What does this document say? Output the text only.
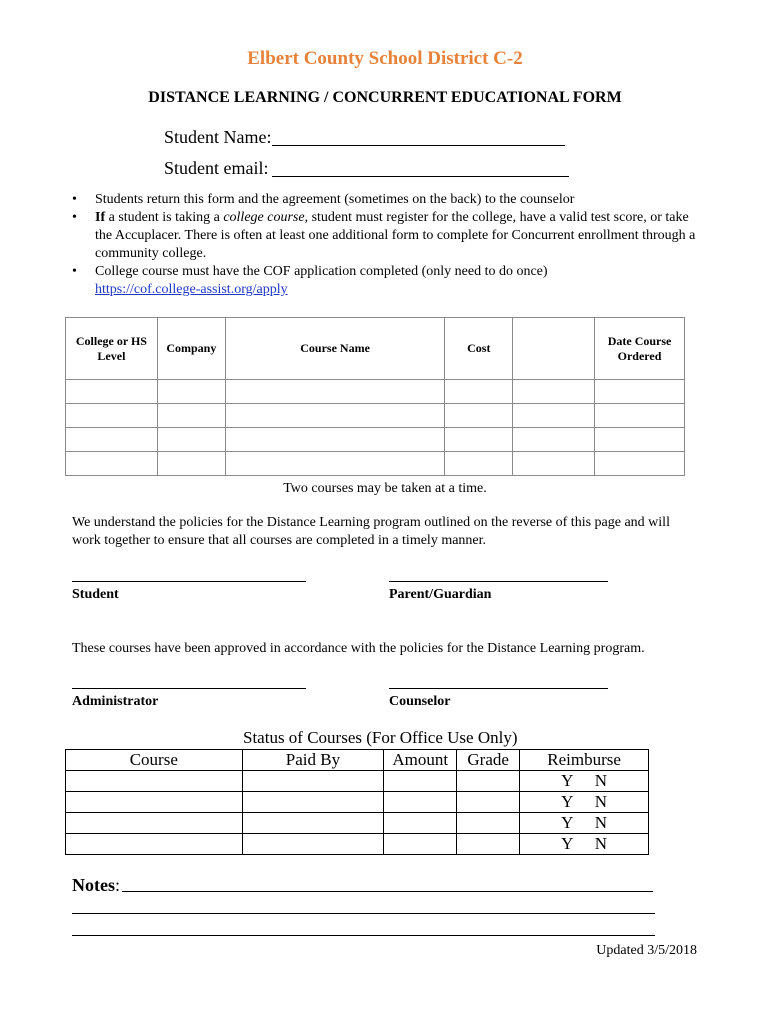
Elbert County School District C-2
DISTANCE LEARNING / CONCURRENT EDUCATIONAL FORM
Student Name:
Student email:
• Students return this form and the agreement (sometimes on the back) to the counselor
• If a student is taking a college course, student must register for the college, have a valid test score, or take the Accuplacer. There is often at least one additional form to complete for Concurrent enrollment through a community college.
• College course must have the COF application completed (only need to do once)
https://cof.college-assist.org/apply
College or HS Level	Company	Course Name	Cost		Date Course Ordered

Two courses may be taken at a time.
We understand the policies for the Distance Learning program outlined on the reverse of this page and will work together to ensure that all courses are completed in a timely manner.
Student	Parent/Guardian
These courses have been approved in accordance with the policies for the Distance Learning program.
Administrator	Counselor
Status of Courses (For Office Use Only)
Course	Paid By	Amount	Grade	Reimburse
				Y N
				Y N
				Y N
				Y N
Notes:
Updated 3/5/2018
